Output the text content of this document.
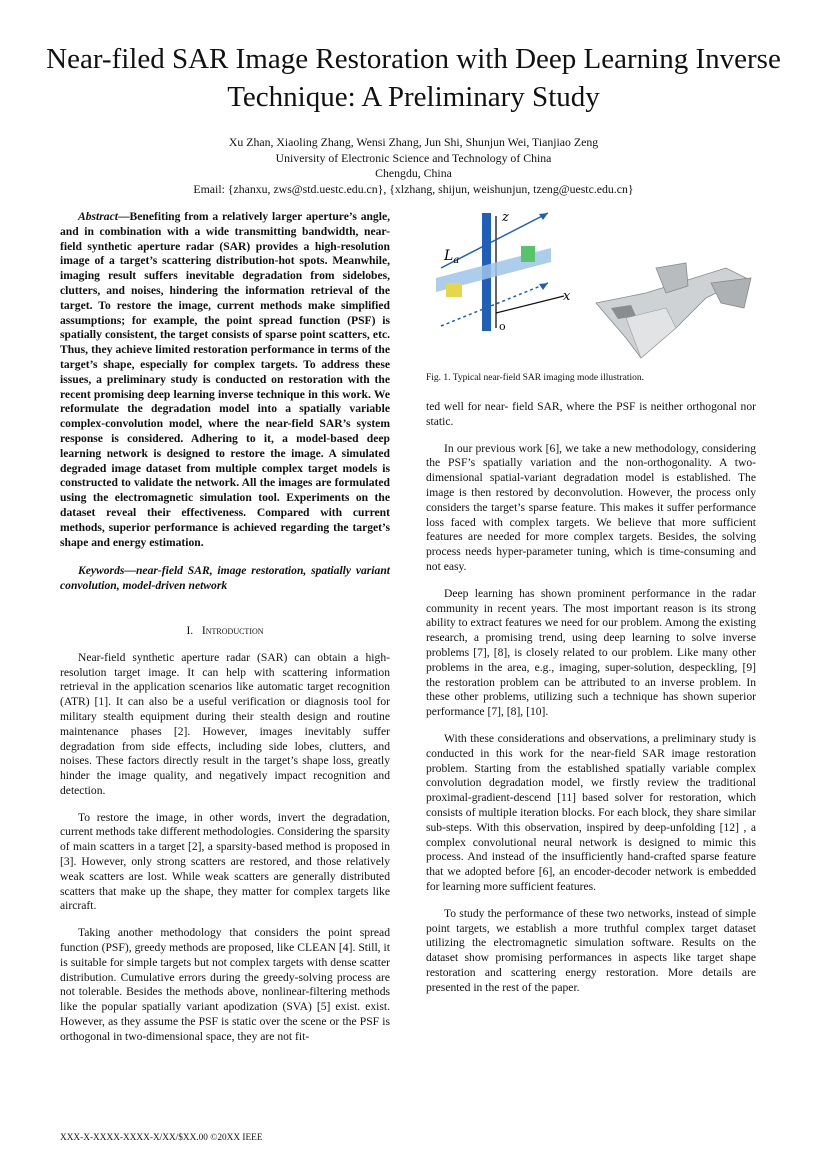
Near-filed SAR Image Restoration with Deep Learning Inverse Technique: A Preliminary Study
Xu Zhan, Xiaoling Zhang, Wensi Zhang, Jun Shi, Shunjun Wei, Tianjiao Zeng
University of Electronic Science and Technology of China
Chengdu, China
Email: {zhanxu, zws@std.uestc.edu.cn}, {xlzhang, shijun, weishunjun, tzeng@uestc.edu.cn}

Abstract—Benefiting from a relatively larger aperture’s angle, and in combination with a wide transmitting bandwidth, near-field synthetic aperture radar (SAR) provides a high-resolution image of a target’s scattering distribution-hot spots. Meanwhile, imaging result suffers inevitable degradation from sidelobes, clutters, and noises, hindering the information retrieval of the target. To restore the image, current methods make simplified assumptions; for example, the point spread function (PSF) is spatially consistent, the target consists of sparse point scatters, etc. Thus, they achieve limited restoration performance in terms of the target’s shape, especially for complex targets. To address these issues, a preliminary study is conducted on restoration with the recent promising deep learning inverse technique in this work. We reformulate the degradation model into a spatially variable complex-convolution model, where the near-field SAR’s system response is considered. Adhering to it, a model-based deep learning network is designed to restore the image. A simulated degraded image dataset from multiple complex target models is constructed to validate the network. All the images are formulated using the electromagnetic simulation tool. Experiments on the dataset reveal their effectiveness. Compared with current methods, superior performance is achieved regarding the target’s shape and energy estimation.

Keywords—near-field SAR, image restoration, spatially variant convolution, model-driven network

I. Introduction

Near-field synthetic aperture radar (SAR) can obtain a high-resolution target image. It can help with scattering information retrieval in the application scenarios like automatic target recognition (ATR) [1]. It can also be a useful verification or diagnosis tool for military stealth equipment during their stealth design and routine maintenance phases [2]. However, images inevitably suffer degradation from side effects, including side lobes, clutters, and noises. These factors directly result in the target’s shape loss, greatly hinder the image quality, and negatively impact recognition and detection.

To restore the image, in other words, invert the degradation, current methods take different methodologies. Considering the sparsity of main scatters in a target [2], a sparsity-based method is proposed in [3]. However, only strong scatters are restored, and those relatively weak scatters are lost. While weak scatters are generally distributed scatters that make up the shape, they matter for complex targets like aircraft.

Taking another methodology that considers the point spread function (PSF), greedy methods are proposed, like CLEAN [4]. Still, it is suitable for simple targets but not complex targets with dense scatter distribution. Cumulative errors during the greedy-solving process are not tolerable. Besides the methods above, nonlinear-filtering methods like the popular spatially variant apodization (SVA) [5] exist. exist. However, as they assume the PSF is static over the scene or the PSF is orthogonal in two-dimensional space, they are not fit-

z
x
o
$L_a$
Fig. 1. Typical near-field SAR imaging mode illustration.

ted well for near- field SAR, where the PSF is neither orthogonal nor static.

In our previous work [6], we take a new methodology, considering the PSF’s spatially variation and the non-orthogonality. A two-dimensional spatial-variant degradation model is established. The image is then restored by deconvolution. However, the process only considers the target’s sparse feature. This makes it suffer performance loss faced with complex targets. We believe that more sufficient features are needed for more complex targets. Besides, the solving process needs hyper-parameter tuning, which is time-consuming and not easy.

Deep learning has shown prominent performance in the radar community in recent years. The most important reason is its strong ability to extract features we need for our problem. Among the existing research, a promising trend, using deep learning to solve inverse problems [7], [8], is closely related to our problem. Like many other problems in the area, e.g., imaging, super-solution, despeckling, [9] the restoration problem can be attributed to an inverse problem. In these other problems, utilizing such a technique has shown superior performance [7], [8], [10].

With these considerations and observations, a preliminary study is conducted in this work for the near-field SAR image restoration problem. Starting from the established spatially variable complex convolution degradation model, we firstly review the traditional proximal-gradient-descend [11] based solver for restoration, which consists of multiple iteration blocks. For each block, they share similar sub-steps. With this observation, inspired by deep-unfolding [12] , a complex convolutional neural network is designed to mimic this process. And instead of the insufficiently hand-crafted sparse feature that we adopted before [6], an encoder-decoder network is embedded for learning more sufficient features.

To study the performance of these two networks, instead of simple point targets, we establish a more truthful complex target dataset utilizing the electromagnetic simulation software. Results on the dataset show promising performances in aspects like target shape restoration and scattering energy restoration. More details are presented in the rest of the paper.

XXX-X-XXXX-XXXX-X/XX/$XX.00 ©20XX IEEE
